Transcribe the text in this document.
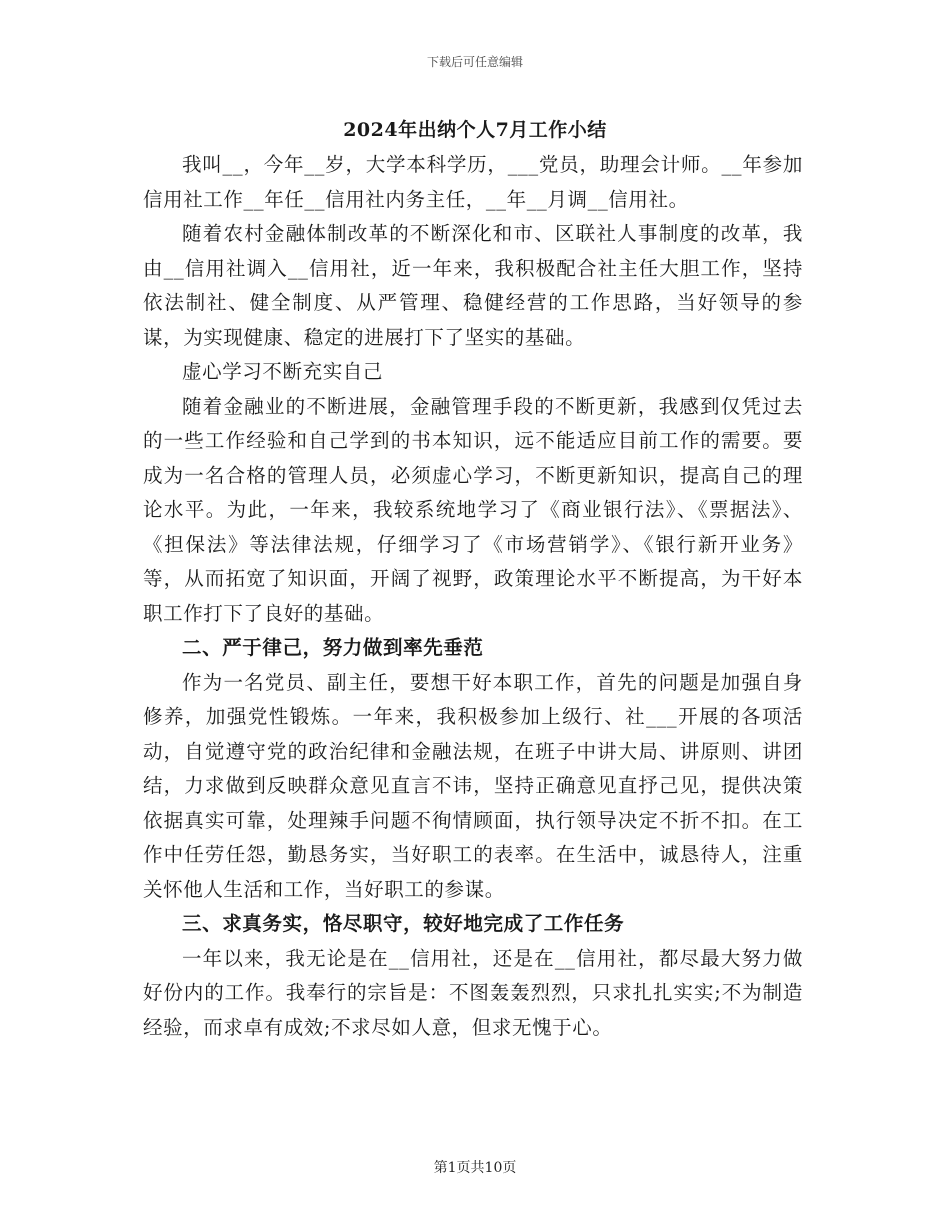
下载后可任意编辑
2024年出纳个人7月工作小结

我叫__，今年__岁，大学本科学历，___党员，助理会计师。__年参加信用社工作__年任__信用社内务主任，__年__月调__信用社。

随着农村金融体制改革的不断深化和市、区联社人事制度的改革，我由__信用社调入__信用社，近一年来，我积极配合社主任大胆工作，坚持依法制社、健全制度、从严管理、稳健经营的工作思路，当好领导的参谋，为实现健康、稳定的进展打下了坚实的基础。

虚心学习不断充实自己

随着金融业的不断进展，金融管理手段的不断更新，我感到仅凭过去的一些工作经验和自己学到的书本知识，远不能适应目前工作的需要。要成为一名合格的管理人员，必须虚心学习，不断更新知识，提高自己的理论水平。为此，一年来，我较系统地学习了《商业银行法》、《票据法》、《担保法》等法律法规，仔细学习了《市场营销学》、《银行新开业务》等，从而拓宽了知识面，开阔了视野，政策理论水平不断提高，为干好本职工作打下了良好的基础。

二、严于律己，努力做到率先垂范

作为一名党员、副主任，要想干好本职工作，首先的问题是加强自身修养，加强党性锻炼。一年来，我积极参加上级行、社___开展的各项活动，自觉遵守党的政治纪律和金融法规，在班子中讲大局、讲原则、讲团结，力求做到反映群众意见直言不讳，坚持正确意见直抒己见，提供决策依据真实可靠，处理辣手问题不徇情顾面，执行领导决定不折不扣。在工作中任劳任怨，勤恳务实，当好职工的表率。在生活中，诚恳待人，注重关怀他人生活和工作，当好职工的参谋。

三、求真务实，恪尽职守，较好地完成了工作任务

一年以来，我无论是在__信用社，还是在__信用社，都尽最大努力做好份内的工作。我奉行的宗旨是：不图轰轰烈烈，只求扎扎实实;不为制造经验，而求卓有成效;不求尽如人意，但求无愧于心。

第1页共10页
